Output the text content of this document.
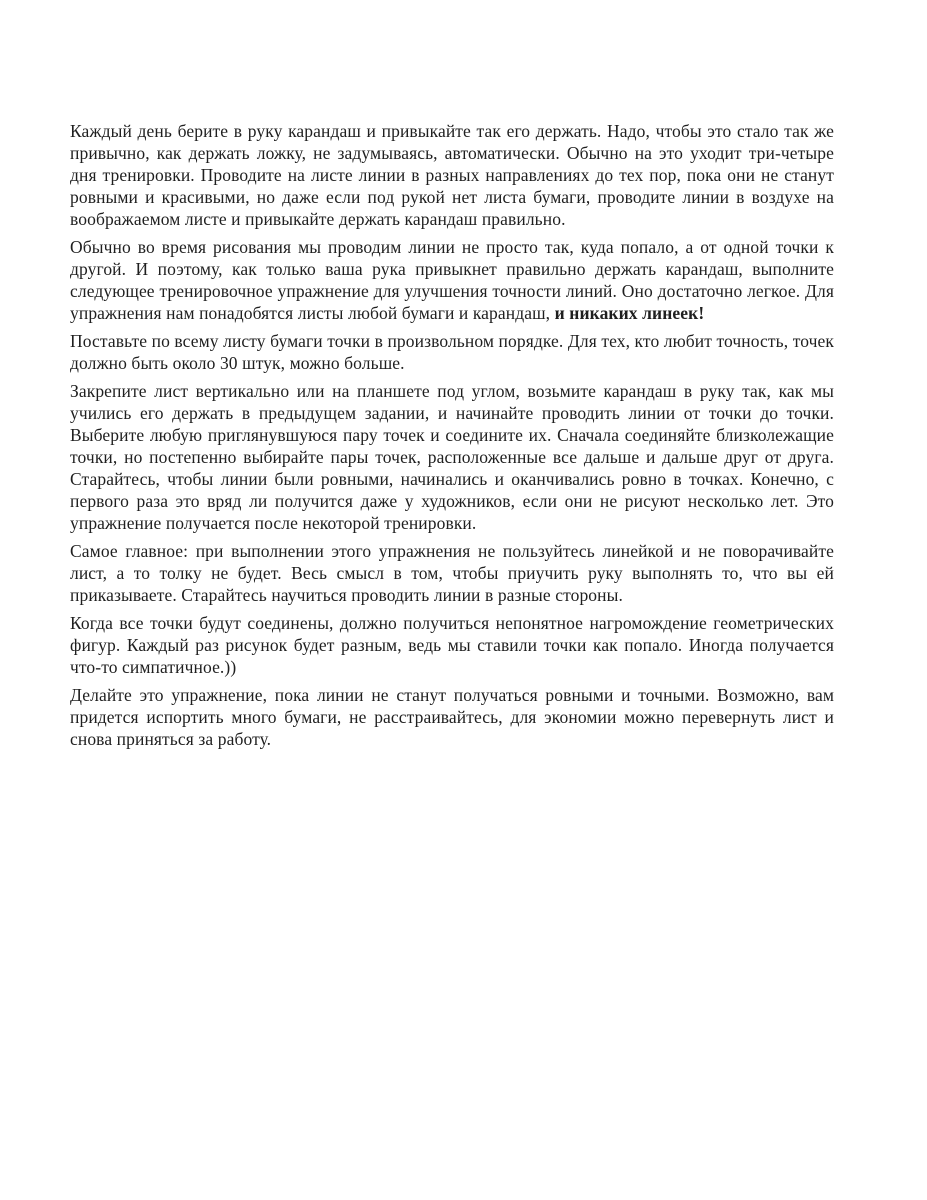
Каждый день берите в руку карандаш и привыкайте так его держать. Надо, чтобы это стало так же привычно, как держать ложку, не задумываясь, автоматически. Обычно на это уходит три-четыре дня тренировки. Проводите на листе линии в разных направлениях до тех пор, пока они не станут ровными и красивыми, но даже если под рукой нет листа бумаги, проводите линии в воздухе на воображаемом листе и привыкайте держать карандаш правильно.

Обычно во время рисования мы проводим линии не просто так, куда попало, а от одной точки к другой. И поэтому, как только ваша рука привыкнет правильно держать карандаш, выполните следующее тренировочное упражнение для улучшения точности линий. Оно достаточно легкое. Для упражнения нам понадобятся листы любой бумаги и карандаш, и никаких линеек!

Поставьте по всему листу бумаги точки в произвольном порядке. Для тех, кто любит точность, точек должно быть около 30 штук, можно больше.

Закрепите лист вертикально или на планшете под углом, возьмите карандаш в руку так, как мы учились его держать в предыдущем задании, и начинайте проводить линии от точки до точки. Выберите любую приглянувшуюся пару точек и соедините их. Сначала соединяйте близколежащие точки, но постепенно выбирайте пары точек, расположенные все дальше и дальше друг от друга. Старайтесь, чтобы линии были ровными, начинались и оканчивались ровно в точках. Конечно, с первого раза это вряд ли получится даже у художников, если они не рисуют несколько лет. Это упражнение получается после некоторой тренировки.

Самое главное: при выполнении этого упражнения не пользуйтесь линейкой и не поворачивайте лист, а то толку не будет. Весь смысл в том, чтобы приучить руку выполнять то, что вы ей приказываете. Старайтесь научиться проводить линии в разные стороны.

Когда все точки будут соединены, должно получиться непонятное нагромождение геометрических фигур. Каждый раз рисунок будет разным, ведь мы ставили точки как попало. Иногда получается что-то симпатичное.))

Делайте это упражнение, пока линии не станут получаться ровными и точными. Возможно, вам придется испортить много бумаги, не расстраивайтесь, для экономии можно перевернуть лист и снова приняться за работу.
